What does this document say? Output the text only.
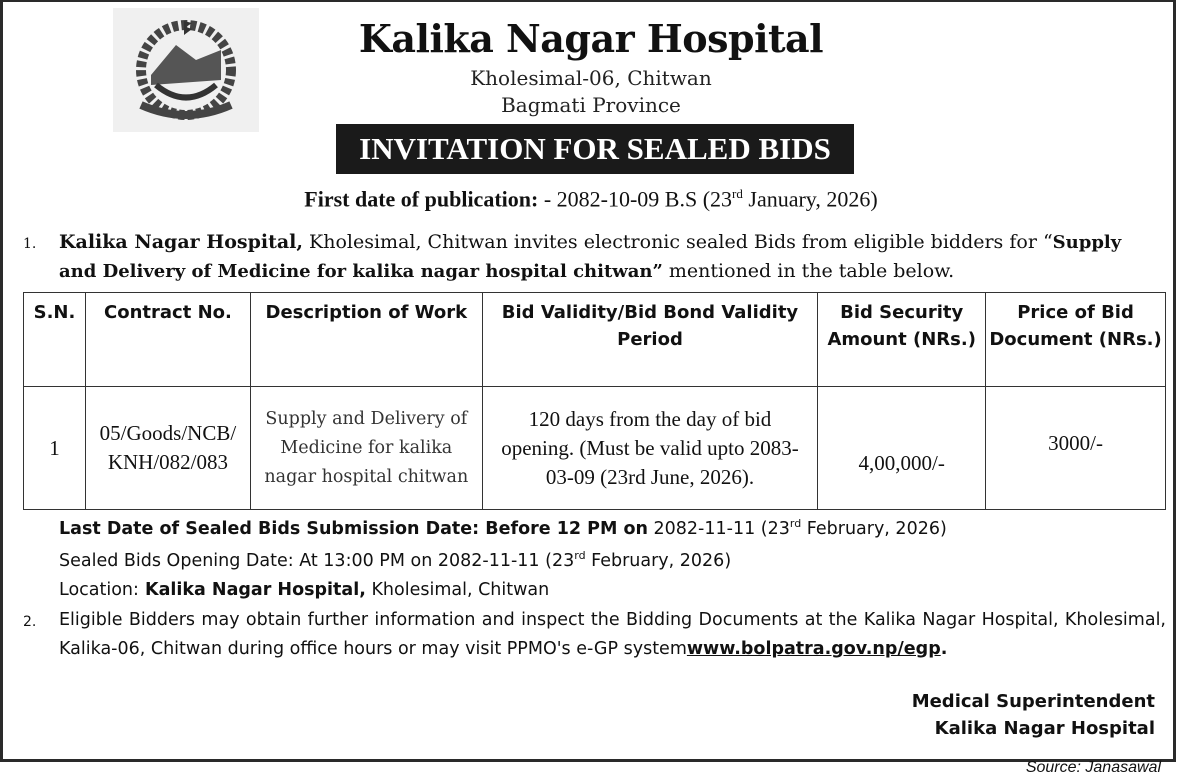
Kalika Nagar Hospital
Kholesimal-06, Chitwan
Bagmati Province
INVITATION FOR SEALED BIDS
First date of publication: - 2082-10-09 B.S (23rd January, 2026)
1. Kalika Nagar Hospital, Kholesimal, Chitwan invites electronic sealed Bids from eligible bidders for “Supply and Delivery of Medicine for kalika nagar hospital chitwan” mentioned in the table below.
S.N.	Contract No.	Description of Work	Bid Validity/Bid Bond Validity Period	Bid Security Amount (NRs.)	Price of Bid Document (NRs.)
1	05/Goods/NCB/ KNH/082/083	Supply and Delivery of Medicine for kalika nagar hospital chitwan	120 days from the day of bid opening. (Must be valid upto 2083-03-09 (23rd June, 2026).	4,00,000/-	3000/-
Last Date of Sealed Bids Submission Date: Before 12 PM on 2082-11-11 (23rd February, 2026)
Sealed Bids Opening Date: At 13:00 PM on 2082-11-11 (23rd February, 2026)
Location: Kalika Nagar Hospital, Kholesimal, Chitwan
2. Eligible Bidders may obtain further information and inspect the Bidding Documents at the Kalika Nagar Hospital, Kholesimal, Kalika-06, Chitwan during office hours or may visit PPMO's e-GP systemwww.bolpatra.gov.np/egp.
Medical Superintendent
Kalika Nagar Hospital
Source: Janasawal
